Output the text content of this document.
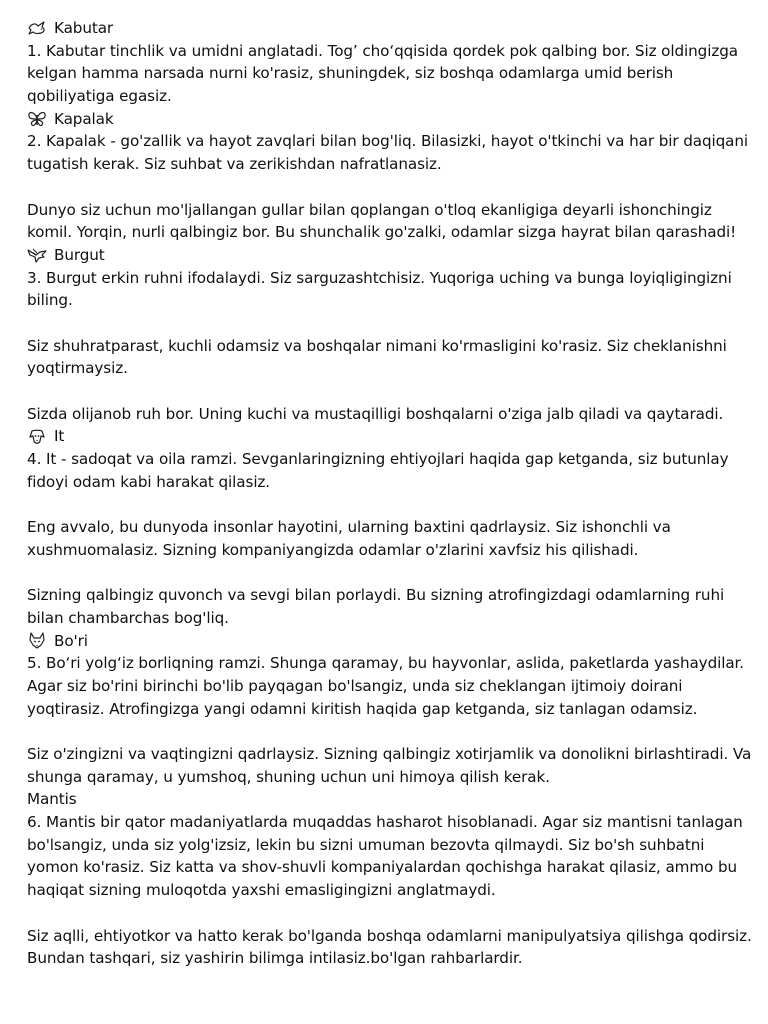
Kabutar
1. Kabutar tinchlik va umidni anglatadi. Tog’ cho‘qqisida qordek pok qalbing bor. Siz oldingizga
kelgan hamma narsada nurni ko'rasiz, shuningdek, siz boshqa odamlarga umid berish
qobiliyatiga egasiz.
Kapalak
2. Kapalak - go'zallik va hayot zavqlari bilan bog'liq. Bilasizki, hayot o'tkinchi va har bir daqiqani
tugatish kerak. Siz suhbat va zerikishdan nafratlanasiz.
Dunyo siz uchun mo'ljallangan gullar bilan qoplangan o'tloq ekanligiga deyarli ishonchingiz
komil. Yorqin, nurli qalbingiz bor. Bu shunchalik go'zalki, odamlar sizga hayrat bilan qarashadi!
Burgut
3. Burgut erkin ruhni ifodalaydi. Siz sarguzashtchisiz. Yuqoriga uching va bunga loyiqligingizni
biling.
Siz shuhratparast, kuchli odamsiz va boshqalar nimani ko'rmasligini ko'rasiz. Siz cheklanishni
yoqtirmaysiz.
Sizda olijanob ruh bor. Uning kuchi va mustaqilligi boshqalarni o'ziga jalb qiladi va qaytaradi.
It
4. It - sadoqat va oila ramzi. Sevganlaringizning ehtiyojlari haqida gap ketganda, siz butunlay
fidoyi odam kabi harakat qilasiz.
Eng avvalo, bu dunyoda insonlar hayotini, ularning baxtini qadrlaysiz. Siz ishonchli va
xushmuomalasiz. Sizning kompaniyangizda odamlar o'zlarini xavfsiz his qilishadi.
Sizning qalbingiz quvonch va sevgi bilan porlaydi. Bu sizning atrofingizdagi odamlarning ruhi
bilan chambarchas bog'liq.
Bo'ri
5. Bo‘ri yolg‘iz borliqning ramzi. Shunga qaramay, bu hayvonlar, aslida, paketlarda yashaydilar.
Agar siz bo'rini birinchi bo'lib payqagan bo'lsangiz, unda siz cheklangan ijtimoiy doirani
yoqtirasiz. Atrofingizga yangi odamni kiritish haqida gap ketganda, siz tanlagan odamsiz.
Siz o'zingizni va vaqtingizni qadrlaysiz. Sizning qalbingiz xotirjamlik va donolikni birlashtiradi. Va
shunga qaramay, u yumshoq, shuning uchun uni himoya qilish kerak.
Mantis
6. Mantis bir qator madaniyatlarda muqaddas hasharot hisoblanadi. Agar siz mantisni tanlagan
bo'lsangiz, unda siz yolg'izsiz, lekin bu sizni umuman bezovta qilmaydi. Siz bo'sh suhbatni
yomon ko'rasiz. Siz katta va shov-shuvli kompaniyalardan qochishga harakat qilasiz, ammo bu
haqiqat sizning muloqotda yaxshi emasligingizni anglatmaydi.
Siz aqlli, ehtiyotkor va hatto kerak bo'lganda boshqa odamlarni manipulyatsiya qilishga qodirsiz.
Bundan tashqari, siz yashirin bilimga intilasiz.bo'lgan rahbarlardir.
